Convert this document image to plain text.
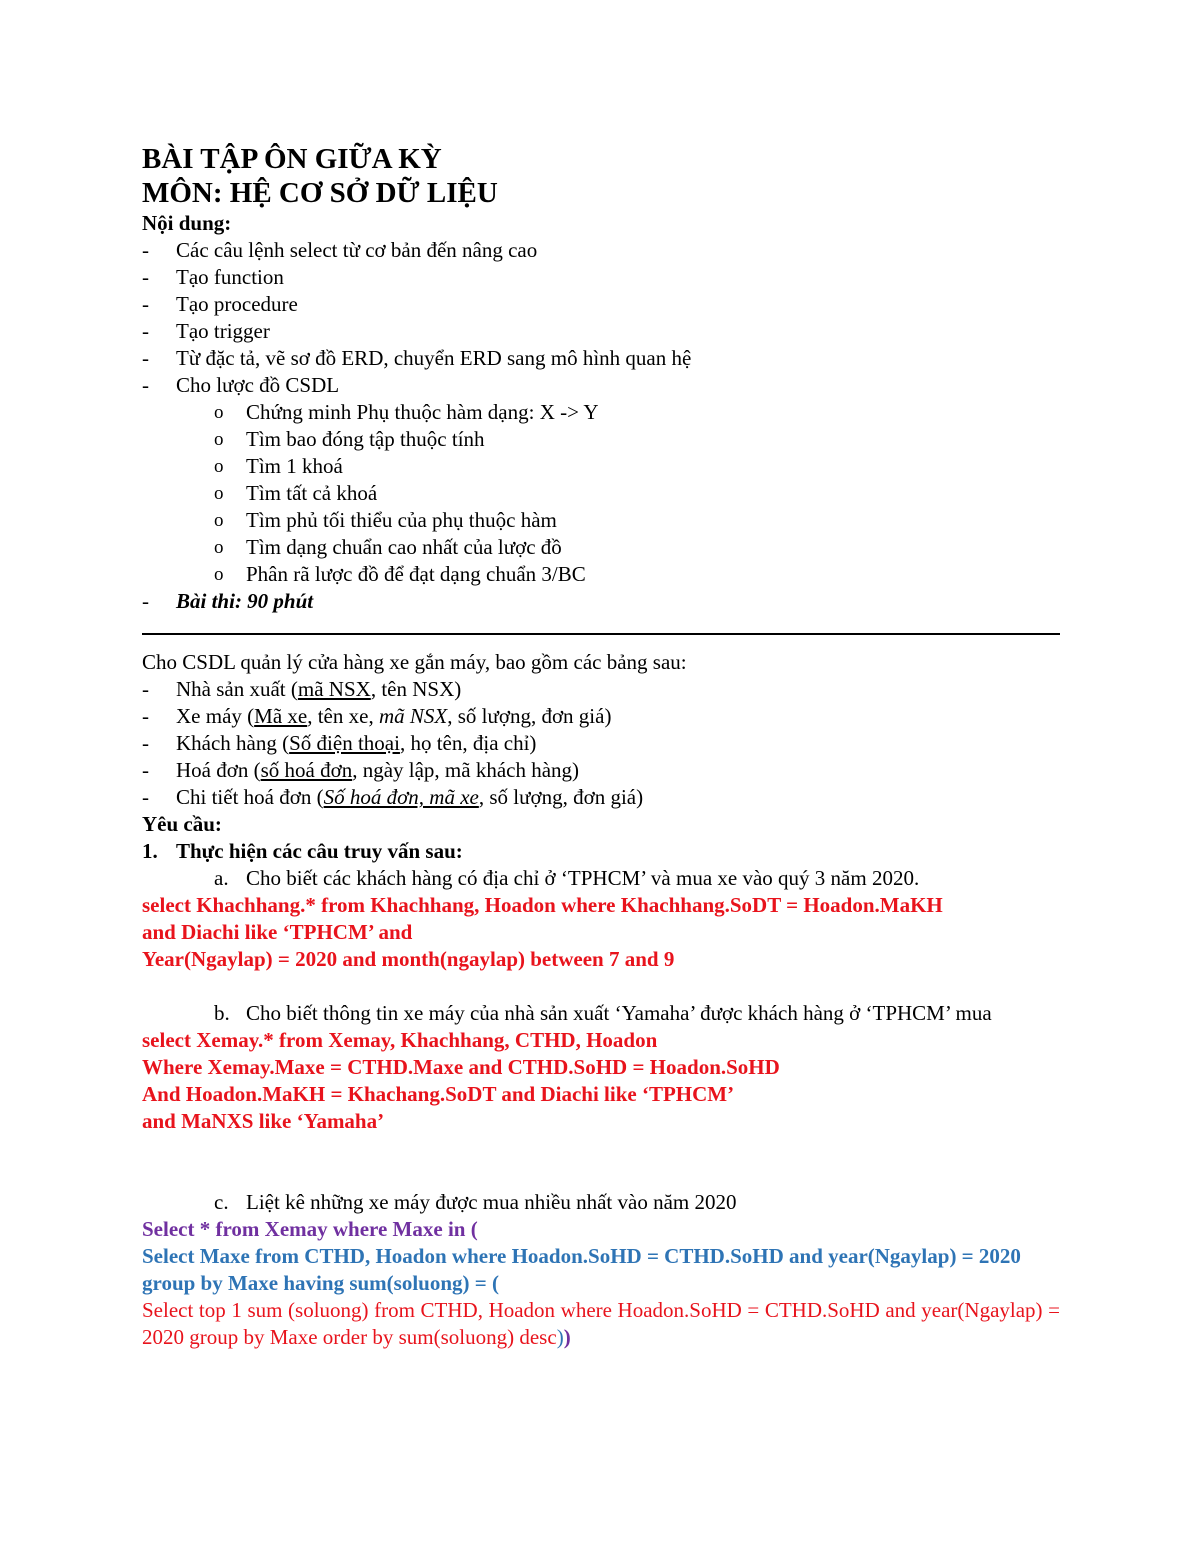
BÀI TẬP ÔN GIỮA KỲ
MÔN: HỆ CƠ SỞ DỮ LIỆU
Nội dung:
- Các câu lệnh select từ cơ bản đến nâng cao
- Tạo function
- Tạo procedure
- Tạo trigger
- Từ đặc tả, vẽ sơ đồ ERD, chuyển ERD sang mô hình quan hệ
- Cho lược đồ CSDL
o Chứng minh Phụ thuộc hàm dạng: X -> Y
o Tìm bao đóng tập thuộc tính
o Tìm 1 khoá
o Tìm tất cả khoá
o Tìm phủ tối thiểu của phụ thuộc hàm
o Tìm dạng chuẩn cao nhất của lược đồ
o Phân rã lược đồ để đạt dạng chuẩn 3/BC
- Bài thi: 90 phút
Cho CSDL quản lý cửa hàng xe gắn máy, bao gồm các bảng sau:
- Nhà sản xuất (mã NSX, tên NSX)
- Xe máy (Mã xe, tên xe, mã NSX, số lượng, đơn giá)
- Khách hàng (Số điện thoại, họ tên, địa chỉ)
- Hoá đơn (số hoá đơn, ngày lập, mã khách hàng)
- Chi tiết hoá đơn (Số hoá đơn, mã xe, số lượng, đơn giá)
Yêu cầu:
1. Thực hiện các câu truy vấn sau:
a. Cho biết các khách hàng có địa chỉ ở ‘TPHCM’ và mua xe vào quý 3 năm 2020.
select Khachhang.* from Khachhang, Hoadon where Khachhang.SoDT = Hoadon.MaKH
and Diachi like ‘TPHCM’ and
Year(Ngaylap) = 2020 and month(ngaylap) between 7 and 9
b. Cho biết thông tin xe máy của nhà sản xuất ‘Yamaha’ được khách hàng ở ‘TPHCM’ mua
select Xemay.* from Xemay, Khachhang, CTHD, Hoadon
Where Xemay.Maxe = CTHD.Maxe and CTHD.SoHD = Hoadon.SoHD
And Hoadon.MaKH = Khachang.SoDT and Diachi like ‘TPHCM’
and MaNXS like ‘Yamaha’
c. Liệt kê những xe máy được mua nhiều nhất vào năm 2020
Select * from Xemay where Maxe in (
Select Maxe from CTHD, Hoadon where Hoadon.SoHD = CTHD.SoHD and year(Ngaylap) = 2020 group by Maxe having sum(soluong) = (
Select top 1 sum (soluong) from CTHD, Hoadon where Hoadon.SoHD = CTHD.SoHD and year(Ngaylap) = 2020 group by Maxe order by sum(soluong) desc))
